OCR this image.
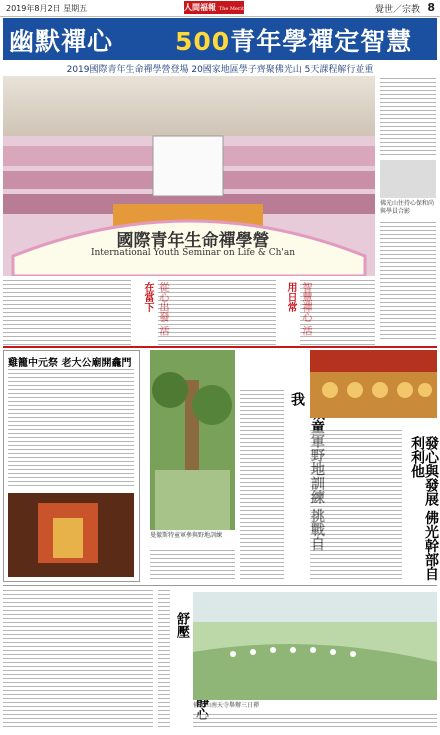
2019年8月2日 星期五	人間福報 The Merit	覺世／宗教 8
幽默禪心 500青年學禪定智慧
2019國際青年生命禪學營登場 20國家地區學子齊聚佛光山 5天課程解行並重
國際青年生命禪學營
International Youth Seminar on Life & Ch'an
佛光山住持心保和尚與學員合影
在當下
用日常
雞籠中元祭 老大公廟開龕門
曼徹斯特童軍參與野地訓練
我
發心與發展 佛光幹部自利利他
靜心舒壓
佛光山南天寺舉辦三日禪
